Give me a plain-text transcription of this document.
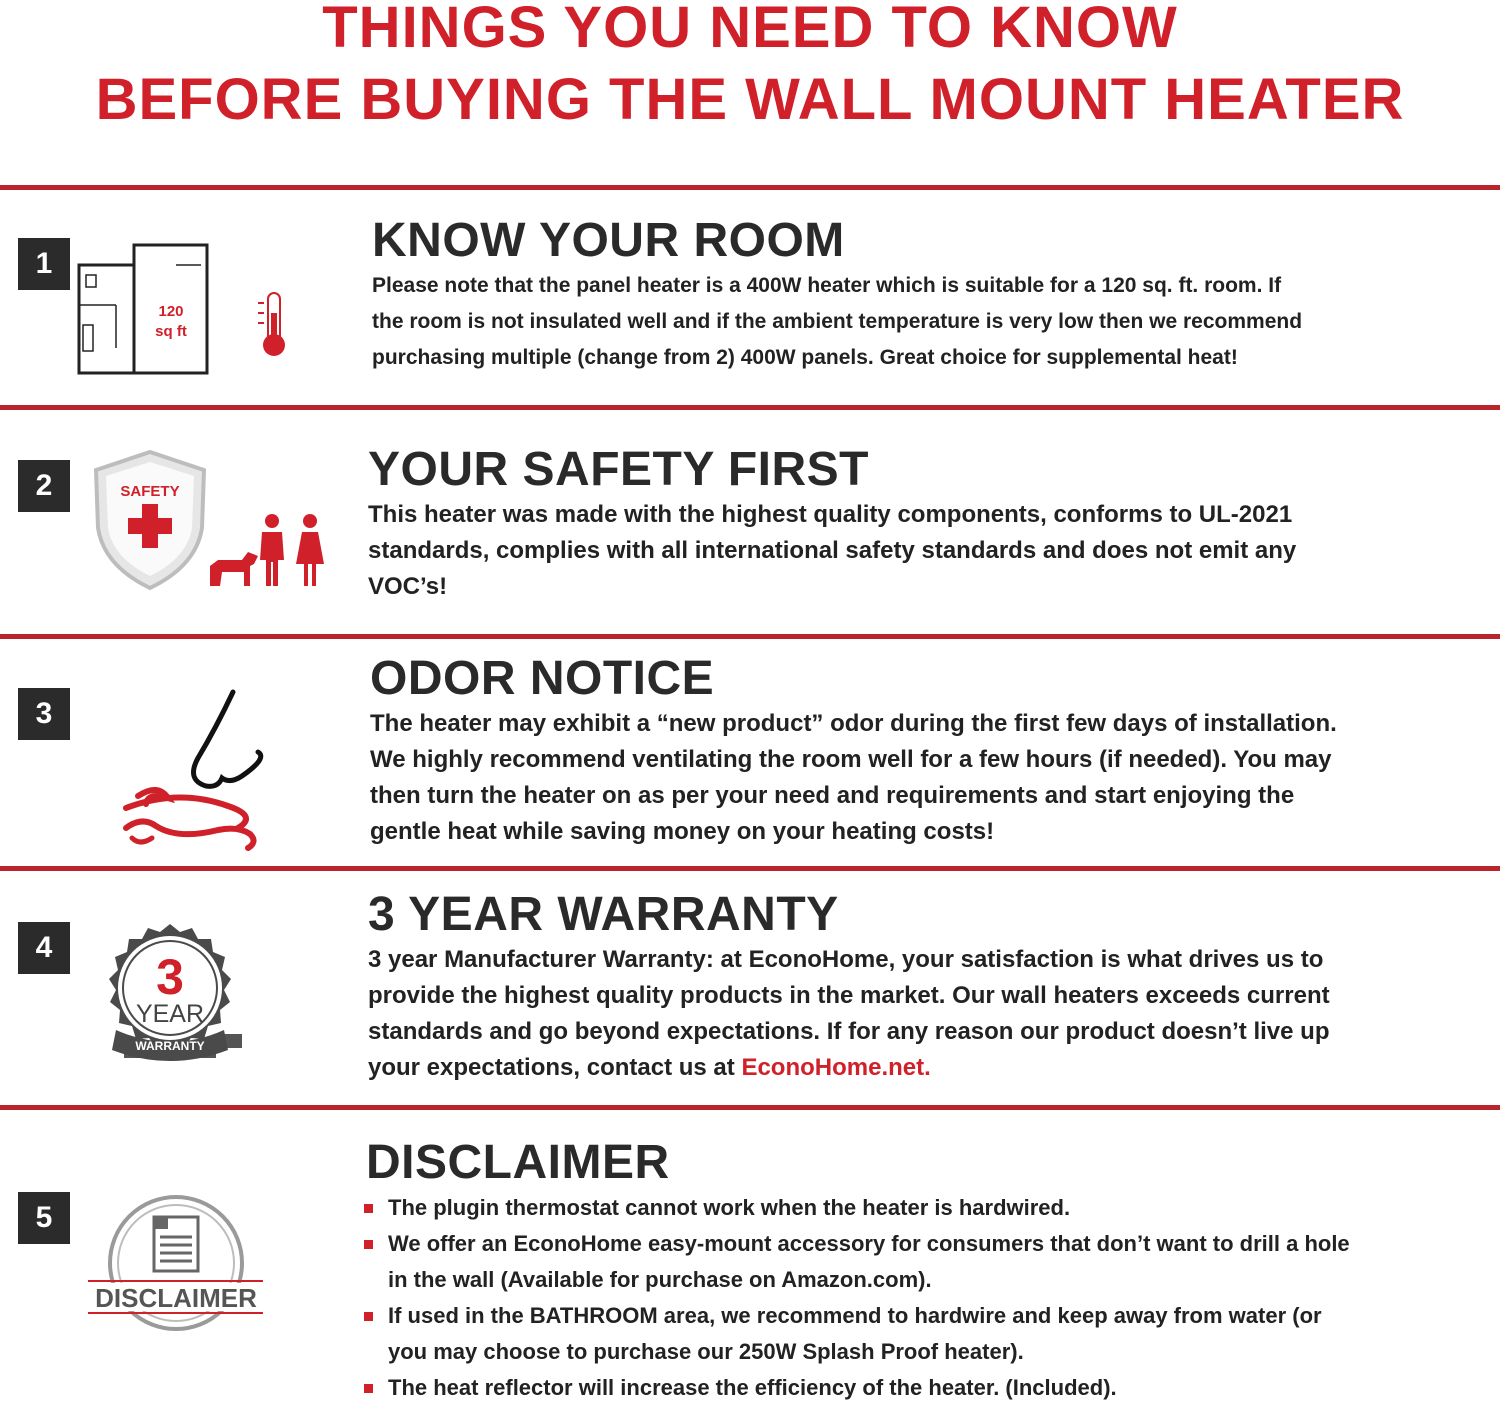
THINGS YOU NEED TO KNOW
BEFORE BUYING THE WALL MOUNT HEATER
1
120
sq ft
KNOW YOUR ROOM
Please note that the panel heater is a 400W heater which is suitable for a 120 sq. ft. room. If
the room is not insulated well and if the ambient temperature is very low then we recommend
purchasing multiple (change from 2) 400W panels. Great choice for supplemental heat!
2	SAFETY	YOUR SAFETY FIRST
This heater was made with the highest quality components, conforms to UL-2021
standards, complies with all international safety standards and does not emit any
VOC’s!
3
ODOR NOTICE
The heater may exhibit a “new product” odor during the first few days of installation.
We highly recommend ventilating the room well for a few hours (if needed). You may
then turn the heater on as per your need and requirements and start enjoying the
gentle heat while saving money on your heating costs!
4
3
YEAR
WARRANTY
3 YEAR WARRANTY
3 year Manufacturer Warranty: at EconoHome, your satisfaction is what drives us to
provide the highest quality products in the market. Our wall heaters exceeds current
standards and go beyond expectations. If for any reason our product doesn’t live up
your expectations, contact us at EconoHome.net.
5
DISCLAIMER
DISCLAIMER
The plugin thermostat cannot work when the heater is hardwired.
We offer an EconoHome easy-mount accessory for consumers that don’t want to drill a hole
in the wall (Available for purchase on Amazon.com).
If used in the BATHROOM area, we recommend to hardwire and keep away from water (or
you may choose to purchase our 250W Splash Proof heater).
The heat reflector will increase the efficiency of the heater. (Included).
